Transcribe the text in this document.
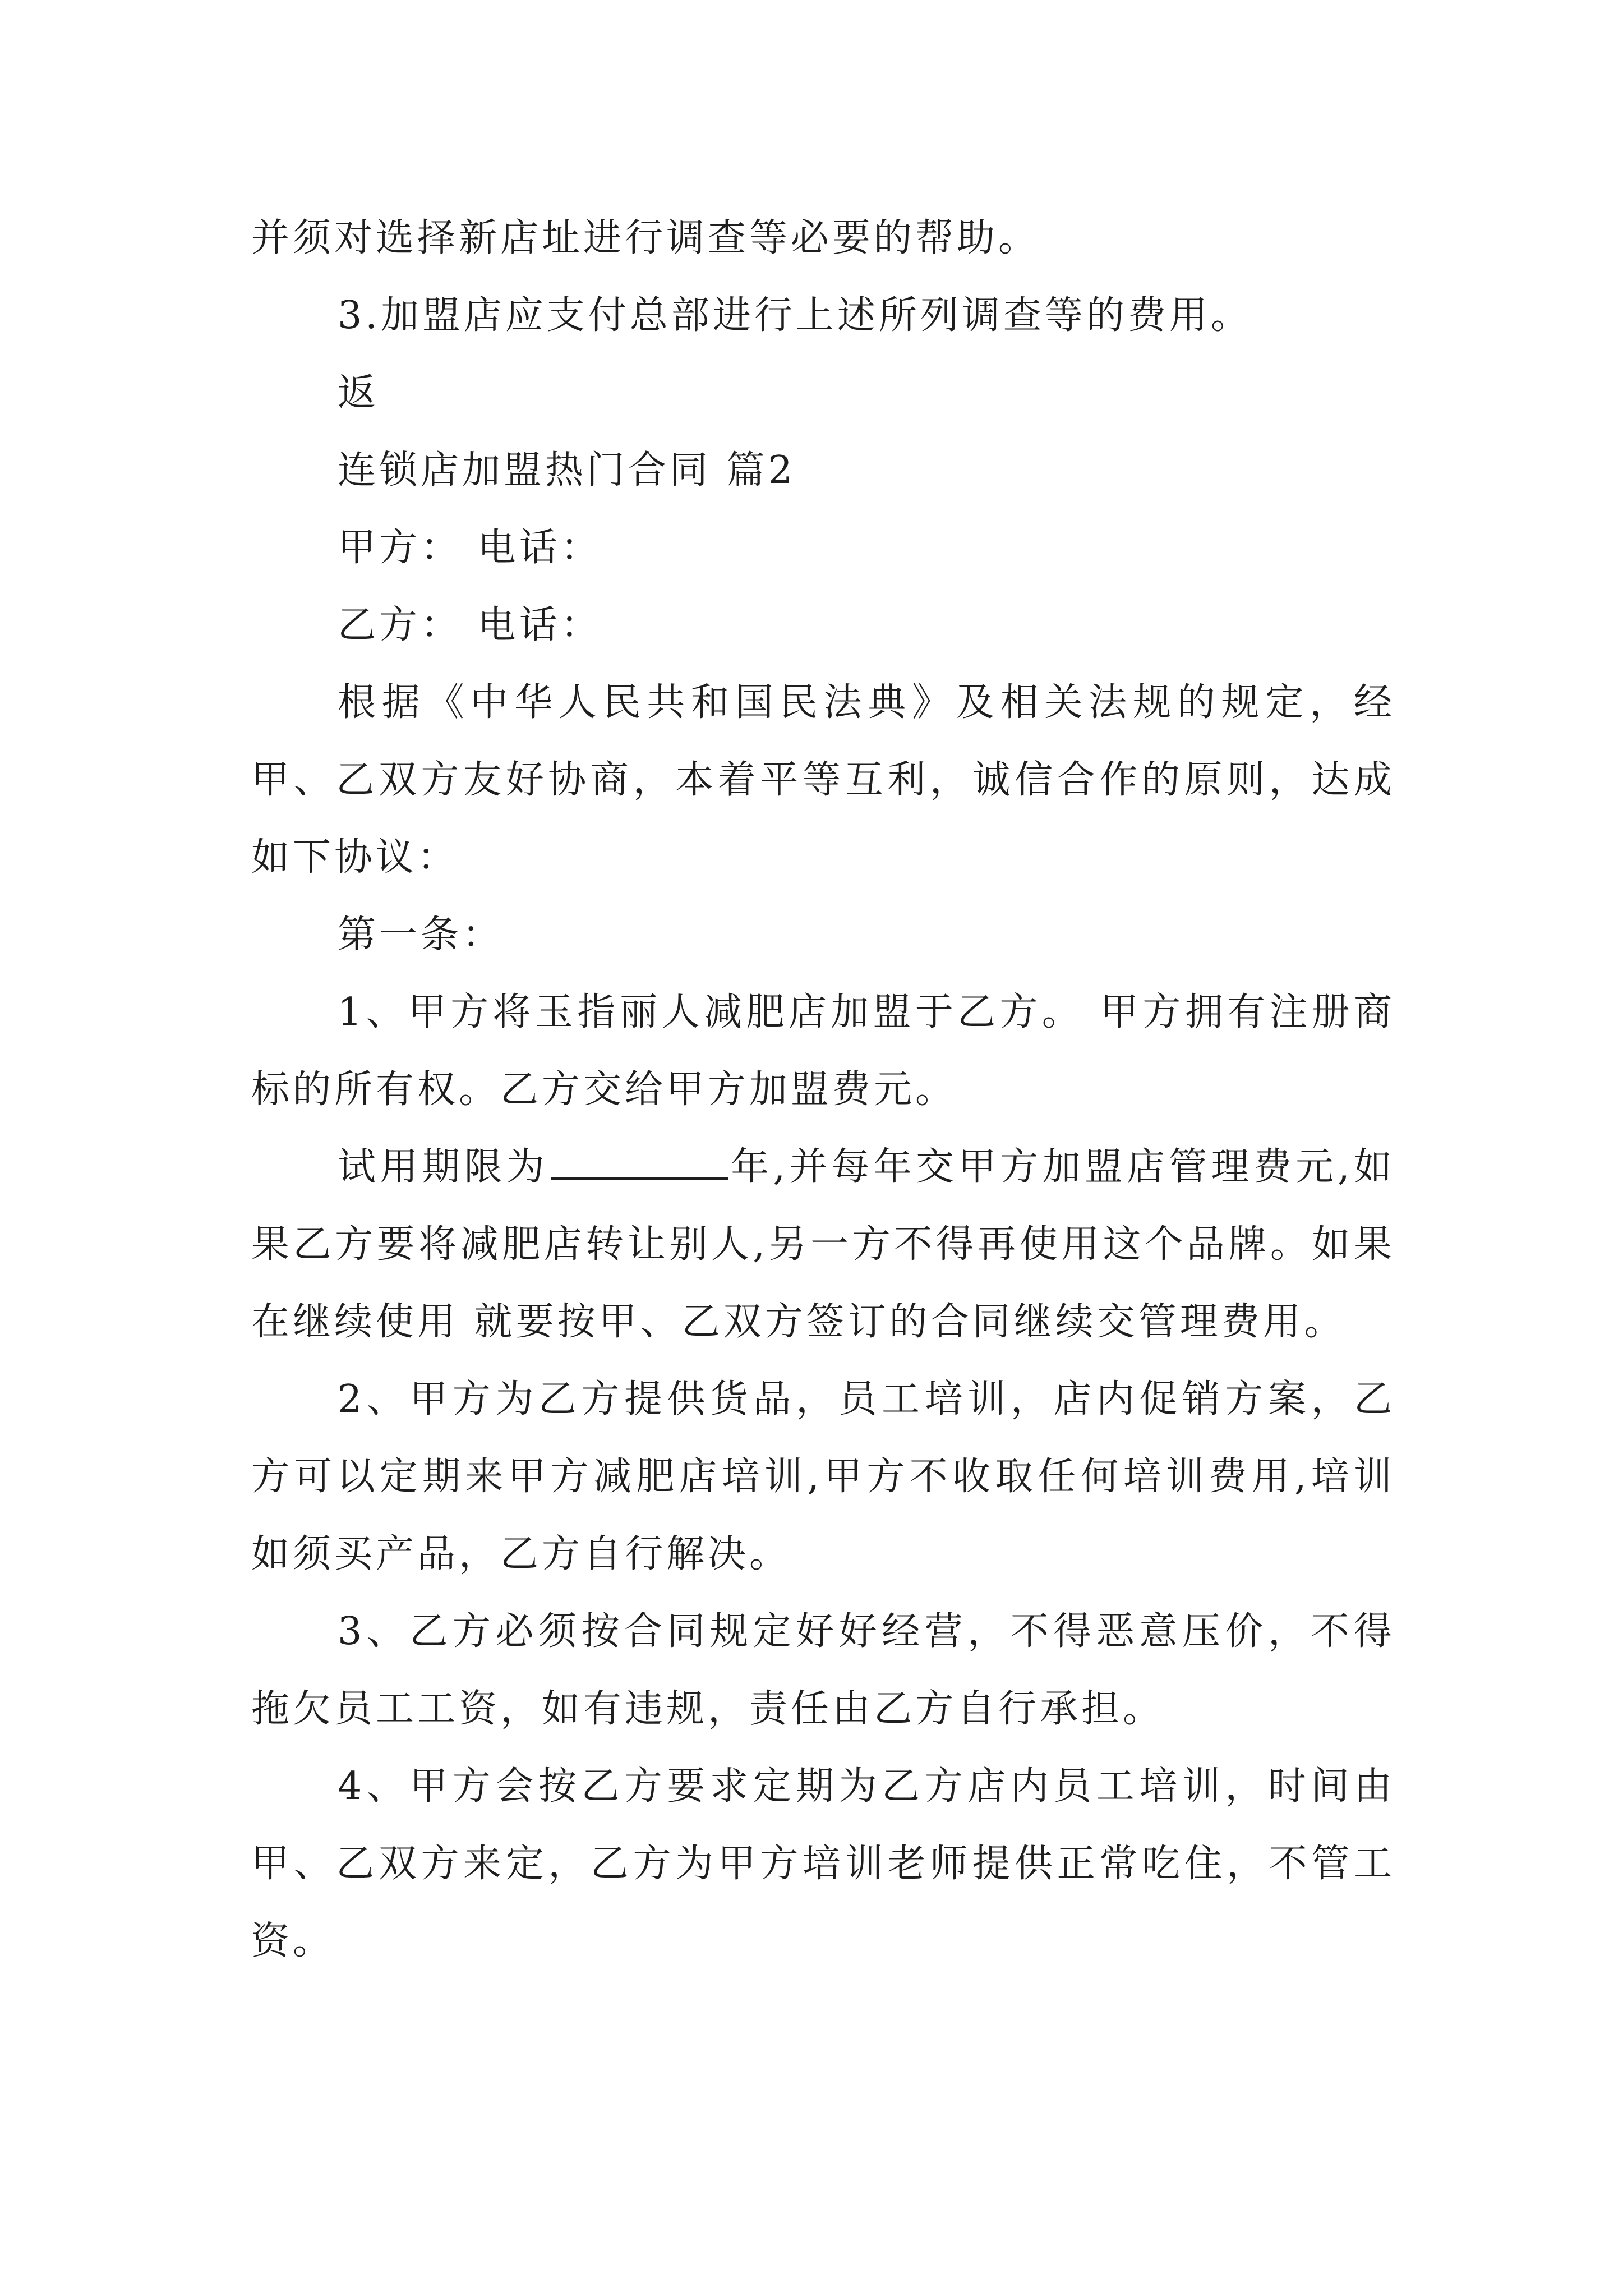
并须对选择新店址进行调查等必要的帮助。

3.加盟店应支付总部进行上述所列调查等的费用。

返

连锁店加盟热门合同 篇2

甲方： 电话：

乙方： 电话：

根据《中华人民共和国民法典》及相关法规的规定，经甲、乙双方友好协商，本着平等互利，诚信合作的原则，达成如下协议：

第一条：

1、甲方将玉指丽人减肥店加盟于乙方。 甲方拥有注册商标的所有权。乙方交给甲方加盟费元。

试用期限为	年,并每年交甲方加盟店管理费元,如果乙方要将减肥店转让别人,另一方不得再使用这个品牌。如果在继续使用 就要按甲、乙双方签订的合同继续交管理费用。

2、甲方为乙方提供货品，员工培训，店内促销方案，乙方可以定期来甲方减肥店培训,甲方不收取任何培训费用,培训如须买产品，乙方自行解决。

3、乙方必须按合同规定好好经营，不得恶意压价，不得拖欠员工工资，如有违规，责任由乙方自行承担。

4、甲方会按乙方要求定期为乙方店内员工培训，时间由甲、乙双方来定，乙方为甲方培训老师提供正常吃住，不管工资。
